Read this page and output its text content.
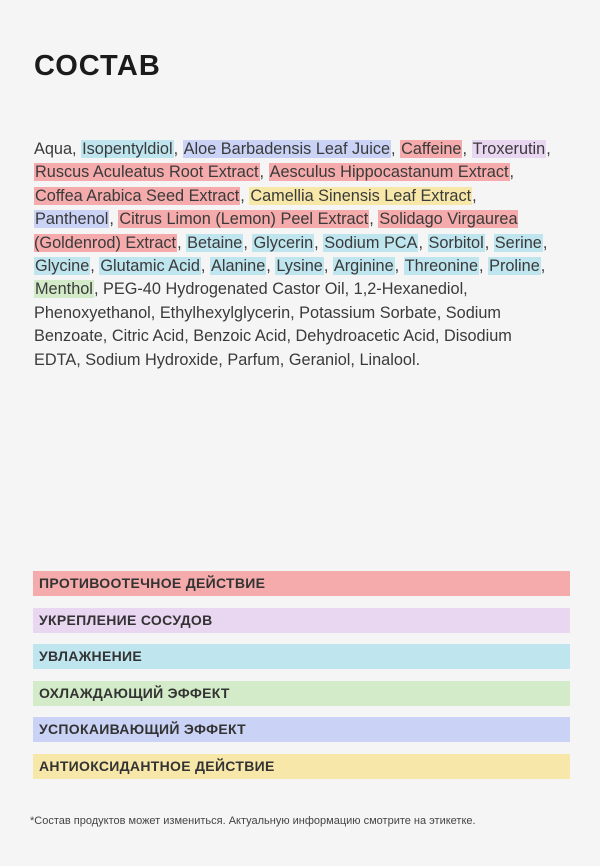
СОСТАВ
Aqua, Isopentyldiol, Aloe Barbadensis Leaf Juice, Caffeine, Troxerutin, Ruscus Aculeatus Root Extract, Aesculus Hippocastanum Extract, Coffea Arabica Seed Extract, Camellia Sinensis Leaf Extract, Panthenol, Citrus Limon (Lemon) Peel Extract, Solidago Virgaurea (Goldenrod) Extract, Betaine, Glycerin, Sodium PCA, Sorbitol, Serine, Glycine, Glutamic Acid, Alanine, Lysine, Arginine, Threonine, Proline, Menthol, PEG-40 Hydrogenated Castor Oil, 1,2-Hexanediol, Phenoxyethanol, Ethylhexylglycerin, Potassium Sorbate, Sodium Benzoate, Citric Acid, Benzoic Acid, Dehydroacetic Acid, Disodium EDTA, Sodium Hydroxide, Parfum, Geraniol, Linalool.
ПРОТИВООТЕЧНОЕ ДЕЙСТВИЕ
УКРЕПЛЕНИЕ СОСУДОВ
УВЛАЖНЕНИЕ
ОХЛАЖДАЮЩИЙ ЭФФЕКТ
УСПОКАИВАЮЩИЙ ЭФФЕКТ
АНТИОКСИДАНТНОЕ ДЕЙСТВИЕ
*Состав продуктов может измениться. Актуальную информацию смотрите на этикетке.
